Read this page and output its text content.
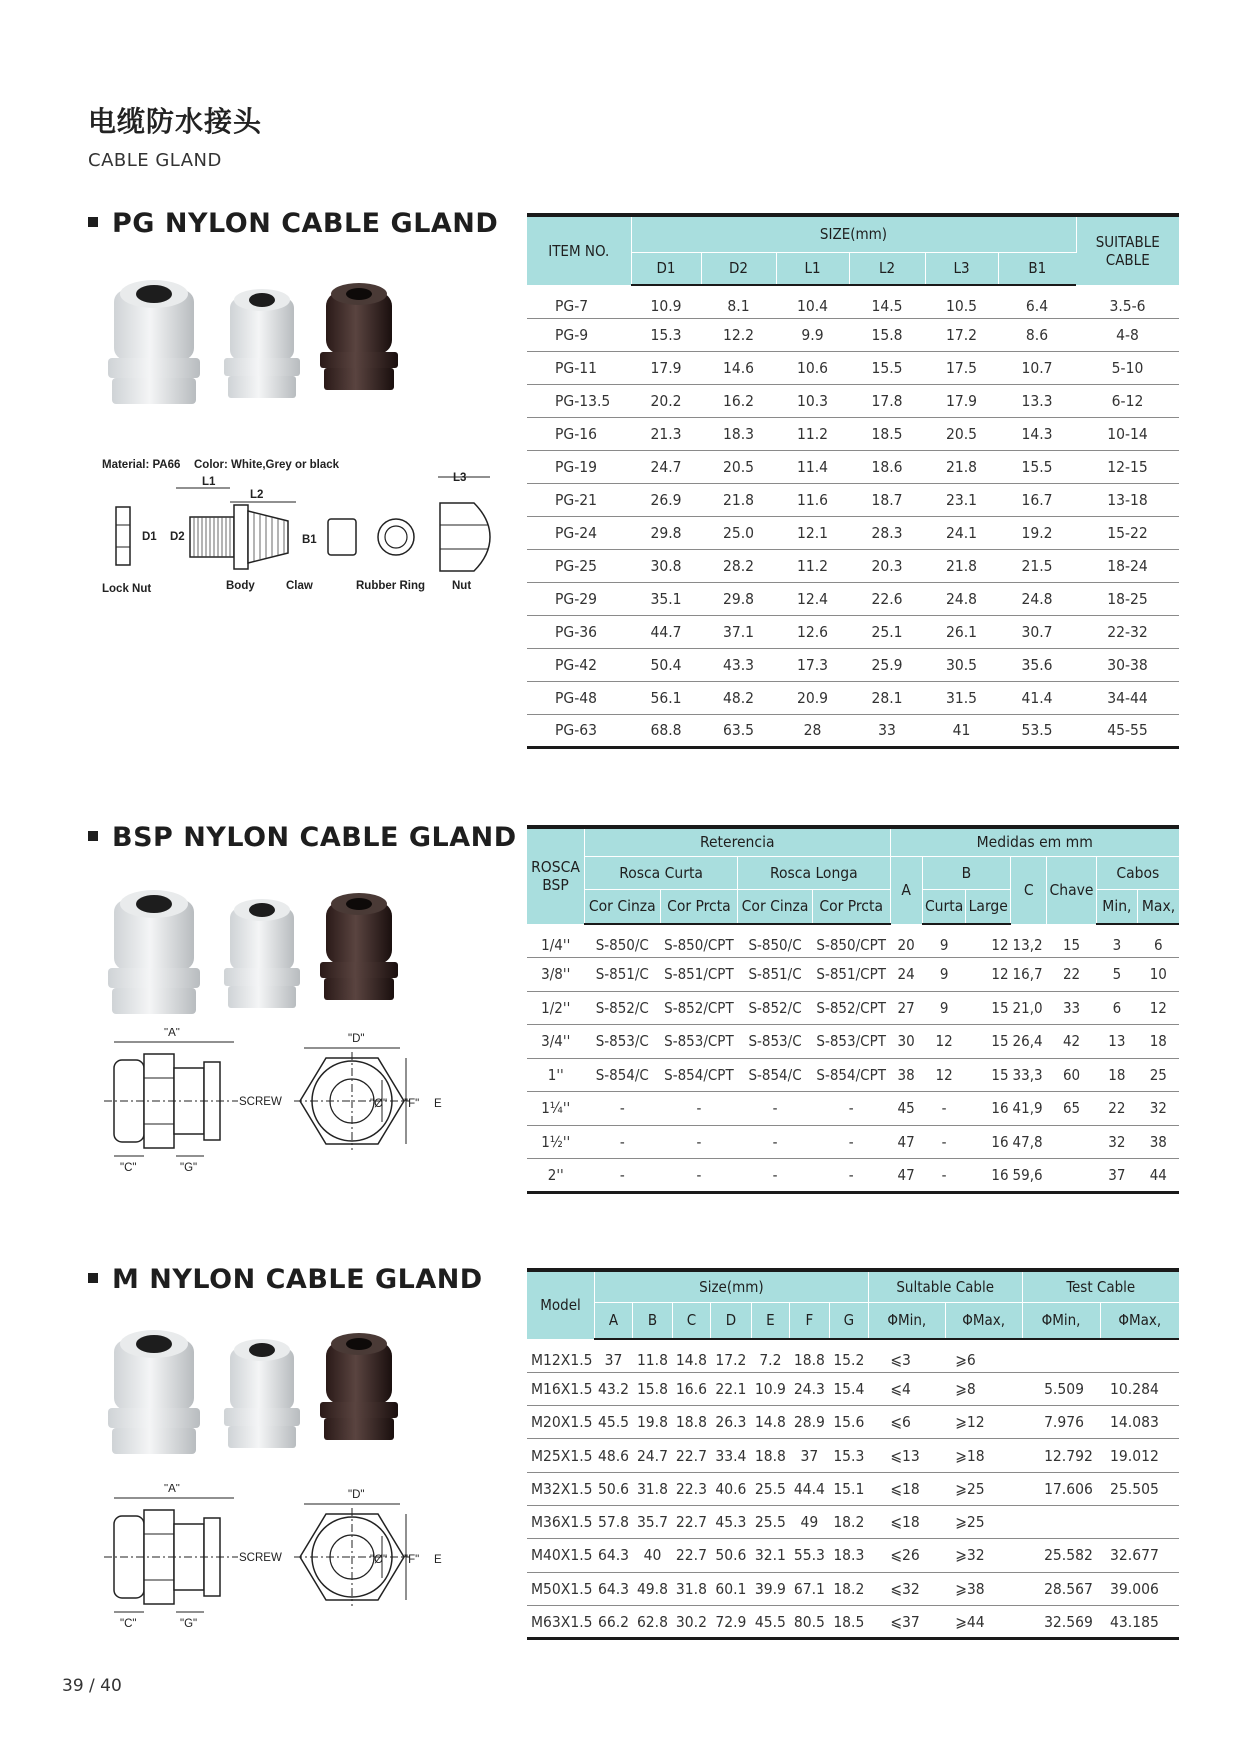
电缆防水接头
CABLE GLAND
PG NYLON CABLE GLAND
Material: PA66 Color: White,Grey or black
L1
L2
L3
D1 D2	B1
Lock Nut	Body	Claw	Rubber Ring Nut
ITEM NO.	SIZE(mm)						SUITABLE
CABLE
	D1	D2	L1	L2	L3	B1	
PG-7	10.9	8.1	10.4	14.5	10.5	6.4	3.5-6
PG-9	15.3	12.2	9.9	15.8	17.2	8.6	4-8
PG-11	17.9	14.6	10.6	15.5	17.5	10.7	5-10
PG-13.5	20.2	16.2	10.3	17.8	17.9	13.3	6-12
PG-16	21.3	18.3	11.2	18.5	20.5	14.3	10-14
PG-19	24.7	20.5	11.4	18.6	21.8	15.5	12-15
PG-21	26.9	21.8	11.6	18.7	23.1	16.7	13-18
PG-24	29.8	25.0	12.1	28.3	24.1	19.2	15-22
PG-25	30.8	28.2	11.2	20.3	21.8	21.5	18-24
PG-29	35.1	29.8	12.4	22.6	24.8	24.8	18-25
PG-36	44.7	37.1	12.6	25.1	26.1	30.7	22-32
PG-42	50.4	43.3	17.3	25.9	30.5	35.6	30-38
PG-48	56.1	48.2	20.9	28.1	31.5	41.4	34-44
PG-63	68.8	63.5	28	33	41	53.5	45-55
BSP NYLON CABLE GLAND
"A"	"D"
SCREW
"C"	"G"
"Ø" "F" E
ROSCA
BSP	Reterencia				Medidas em mm						
	Rosca Curta		Rosca Longa		A	B		C	Chave	Cabos	
	Cor Cinza	Cor Prcta	Cor Cinza	Cor Prcta		Curta	Large			Min,	Max,
1/4''	S-850/C	S-850/CPT	S-850/C	S-850/CPT	20	9	12	13,2	15	3	6
3/8''	S-851/C	S-851/CPT	S-851/C	S-851/CPT	24	9	12	16,7	22	5	10
1/2''	S-852/C	S-852/CPT	S-852/C	S-852/CPT	27	9	15	21,0	33	6	12
3/4''	S-853/C	S-853/CPT	S-853/C	S-853/CPT	30	12	15	26,4	42	13	18
1''	S-854/C	S-854/CPT	S-854/C	S-854/CPT	38	12	15	33,3	60	18	25
1¼''	-	-	-	-	45	-	16	41,9	65	22	32
1½''	-	-	-	-	47	-	16	47,8		32	38
2''	-	-	-	-	47	-	16	59,6		37	44
M NYLON CABLE GLAND
"A"	"D"
SCREW
"C"	"G"
"Ø" "F" E
Model	Size(mm)							Sultable Cable		Test Cable	
	A	B	C	D	E	F	G	ΦMin,	ΦMax,	ΦMin,	ΦMax,
M12X1.5	37	11.8	14.8	17.2	7.2	18.8	15.2	⩽3	⩾6		
M16X1.5	43.2	15.8	16.6	22.1	10.9	24.3	15.4	⩽4	⩾8	5.509	10.284
M20X1.5	45.5	19.8	18.8	26.3	14.8	28.9	15.6	⩽6	⩾12	7.976	14.083
M25X1.5	48.6	24.7	22.7	33.4	18.8	37	15.3	⩽13	⩾18	12.792	19.012
M32X1.5	50.6	31.8	22.3	40.6	25.5	44.4	15.1	⩽18	⩾25	17.606	25.505
M36X1.5	57.8	35.7	22.7	45.3	25.5	49	18.2	⩽18	⩾25		
M40X1.5	64.3	40	22.7	50.6	32.1	55.3	18.3	⩽26	⩾32	25.582	32.677
M50X1.5	64.3	49.8	31.8	60.1	39.9	67.1	18.2	⩽32	⩾38	28.567	39.006
M63X1.5	66.2	62.8	30.2	72.9	45.5	80.5	18.5	⩽37	⩾44	32.569	43.185
39 / 40
